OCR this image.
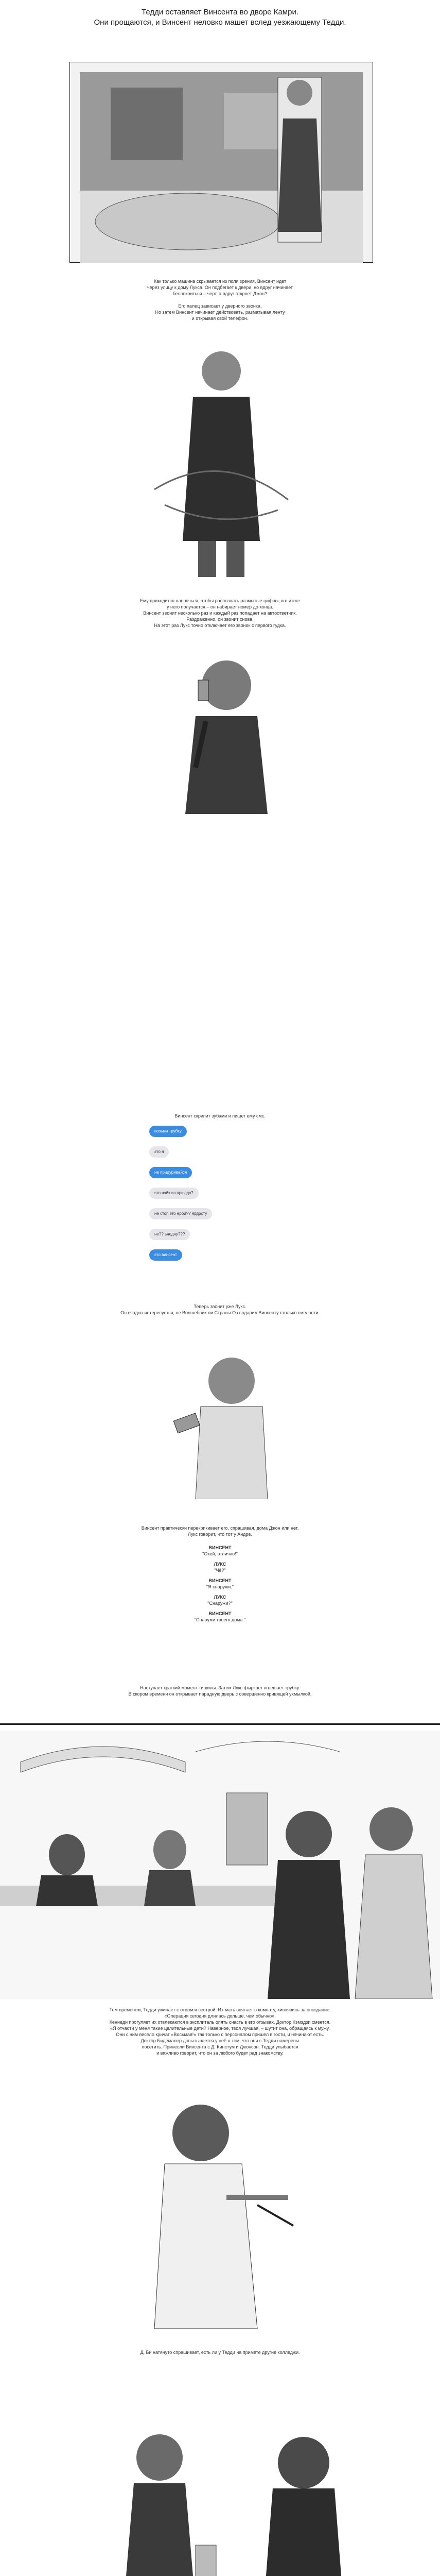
Тедди оставляет Винсента во дворе Камри.
Они прощаются, и Винсент неловко машет вслед уезжающему Тедди.
Как только машина скрывается из поля зрения, Винсент идет
через улицу к дому Лукса. Он подбегает к двери, но вдруг начинает
беспокоиться – черт, а вдруг откроет Джон?

Его палец зависает у дверного звонка.
Но затем Винсент начинает действовать, разматывая ленту
и открывая свой телефон.
Ему приходится напрячься, чтобы распознать размытые цифры, и в итоге
у него получается – он набирает номер до конца.
Винсент звонит несколько раз и каждый раз попадает на автоответчик.
Раздраженно, он звонит снова.
На этот раз Лукс точно отключает его звонок с первого гудка.
Винсент скрипит зубами и пишет ему смс.
возьми трубку
это я
не придуривайся
это нэйз из приюдэ?
не стоп это ерой?? ярдрсту
не?? ьнедну???
это винсент
Теперь звонит уже Лукс.
Он вчадно интересуется, не Волшебник ли Страны Оз подарил Винсенту столько смелости.
Винсент практически перекрикивает его, спрашивая, дома Джон или нет.
Лукс говорит, что тот у Андре.
ВИНСЕНТ
"Окей, отлично!"
ЛУКС
"Чё?"
ВИНСЕНТ
"Я снаружи."
ЛУКС
"Снаружи?"
ВИНСЕНТ
"Снаружи твоего дома."
Наступает краткий момент тишины. Затем Лукс фыркает и вешает трубку.
В скором времени он открывает парадную дверь с совершенно кривящей ухмылкой.
Тем временем, Тедди ужинает с отцом и сестрой. Их мать впятает в комнату, кивнявись за опоздание.
«Операция сегодня длилась дольше, чем обычно».
Кеннеди прогуляет их отвлекаются в эксплиталь опять снасть в его отзывах. Доктор Кэмэдзи смеется.
«Я отчасти у меня такие целительные дети? Наверное, твоя лучшая, – шутит она, обращаясь к мужу.
Они с ним весело кричат «Восьмая!» так только с персоналом пришел в гости, и начинают есть.
Доктор Бидемалер допытывается у неё о том, что они с Тедди намерены
посетить. Принесли Винсента с Д. Кинстум и Джонсон. Тедди улыбается
и вяжливо говорит, что он за любого будет рад знакомству.
Д. Би натянуто спрашивает, есть ли у Тедди на примете другие колледжи.
